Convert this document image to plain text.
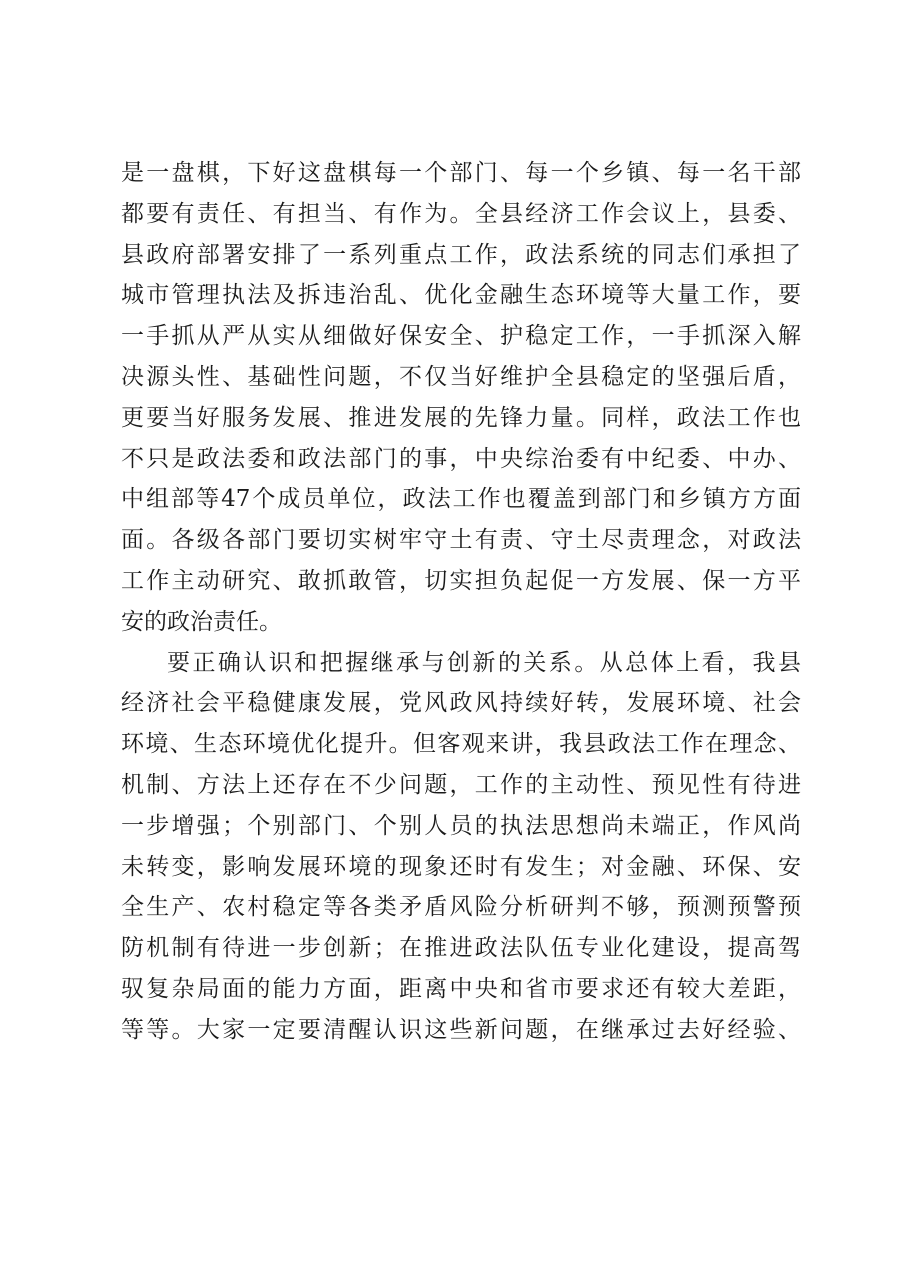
是一盘棋，下好这盘棋每一个部门、每一个乡镇、每一名干部
都要有责任、有担当、有作为。全县经济工作会议上，县委、
县政府部署安排了一系列重点工作，政法系统的同志们承担了
城市管理执法及拆违治乱、优化金融生态环境等大量工作，要
一手抓从严从实从细做好保安全、护稳定工作，一手抓深入解
决源头性、基础性问题，不仅当好维护全县稳定的坚强后盾，
更要当好服务发展、推进发展的先锋力量。同样，政法工作也
不只是政法委和政法部门的事，中央综治委有中纪委、中办、
中组部等47个成员单位，政法工作也覆盖到部门和乡镇方方面
面。各级各部门要切实树牢守土有责、守土尽责理念，对政法
工作主动研究、敢抓敢管，切实担负起促一方发展、保一方平
安的政治责任。
要正确认识和把握继承与创新的关系。从总体上看，我县
经济社会平稳健康发展，党风政风持续好转，发展环境、社会
环境、生态环境优化提升。但客观来讲，我县政法工作在理念、
机制、方法上还存在不少问题，工作的主动性、预见性有待进
一步增强；个别部门、个别人员的执法思想尚未端正，作风尚
未转变，影响发展环境的现象还时有发生；对金融、环保、安
全生产、农村稳定等各类矛盾风险分析研判不够，预测预警预
防机制有待进一步创新；在推进政法队伍专业化建设，提高驾
驭复杂局面的能力方面，距离中央和省市要求还有较大差距，
等等。大家一定要清醒认识这些新问题，在继承过去好经验、
